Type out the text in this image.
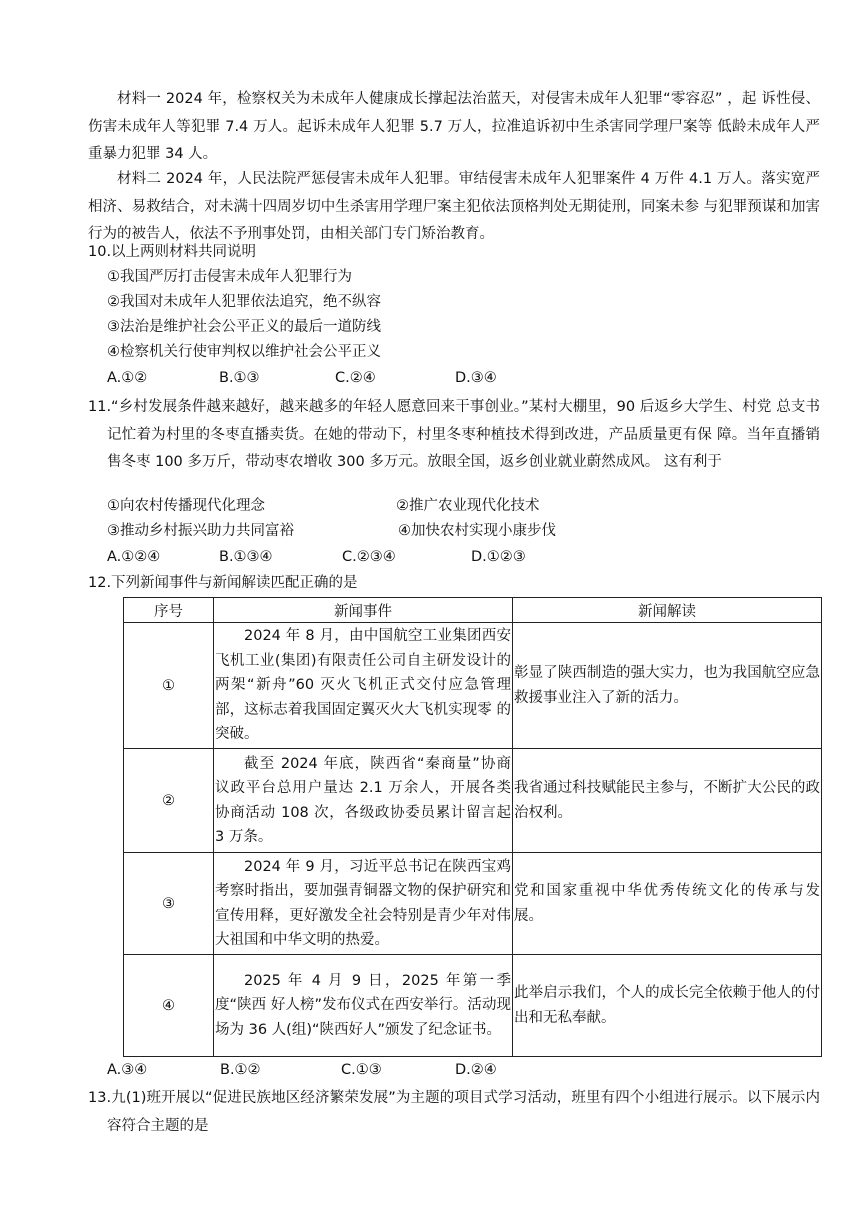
材料一 2024 年，检察权关为未成年人健康成长撑起法治蓝天，对侵害未成年人犯罪“零容忍” ，起 诉性侵、伤害未成年人等犯罪 7.4 万人。起诉未成年人犯罪 5.7 万人，拉准追诉初中生杀害同学理尸案等 低龄未成年人严重暴力犯罪 34 人。
材料二 2024 年，人民法院严惩侵害未成年人犯罪。审结侵害未成年人犯罪案件 4 万件 4.1 万人。落实宽严相济、易救结合，对未满十四周岁切中生杀害用学理尸案主犯依法顶格判处无期徒刑，同案未参 与犯罪预谋和加害行为的被告人，依法不予刑事处罚，由相关部门专门矫治教育。
10.以上两则材料共同说明
①我国严厉打击侵害未成年人犯罪行为
②我国对未成年人犯罪依法追究，绝不纵容
③法治是维护社会公平正义的最后一道防线
④检察机关行使审判权以维护社会公平正义
A.①②	B.①③	C.②④	D.③④
11.“乡村发展条件越来越好，越来越多的年轻人愿意回来干事创业。”某村大棚里，90 后返乡大学生、村党 总支书记忙着为村里的冬枣直播卖货。在她的带动下，村里冬枣种植技术得到改进，产品质量更有保 障。当年直播销售冬枣 100 多万斤，带动枣农增收 300 多万元。放眼全国，返乡创业就业蔚然成风。 这有利于
①向农村传播现代化理念	②推广农业现代化技术
③推动乡村振兴助力共同富裕	④加快农村实现小康步伐
A.①②④	B.①③④	C.②③④	D.①②③
12.下列新闻事件与新闻解读匹配正确的是
序号	新闻事件	新闻解读
①	2024 年 8 月，由中国航空工业集团西安飞机工业(集团)有限责任公司自主研发设计的两架“新舟”60 灭火飞机正式交付应急管理 部，这标志着我国固定翼灭火大飞机实现零 的突破。	彰显了陕西制造的强大实力，也为我国航空应急救援事业注入了新的活力。
②	截至 2024 年底，陕西省“秦商量”协商 议政平台总用户量达 2.1 万余人，开展各类 协商活动 108 次，各级政协委员累计留言起 3 万条。	我省通过科技赋能民主参与，不断扩大公民的政治权利。
③	2024 年 9 月，习近平总书记在陕西宝鸡考察时指出，要加强青铜器文物的保护研究和宣传用释，更好激发全社会特别是青少年对伟大祖国和中华文明的热爱。	党和国家重视中华优秀传统文化的传承与发 展。
④	2025 年 4 月 9 日，2025 年第一季度“陕西 好人榜”发布仪式在西安举行。活动现场为 36 人(组)“陕西好人”颁发了纪念证书。	此举启示我们，个人的成长完全依赖于他人的付出和无私奉献。
A.③④	B.①②	C.①③	D.②④
13.九(1)班开展以“促进民族地区经济繁荣发展”为主题的项目式学习活动，班里有四个小组进行展示。以下展示内容符合主题的是
